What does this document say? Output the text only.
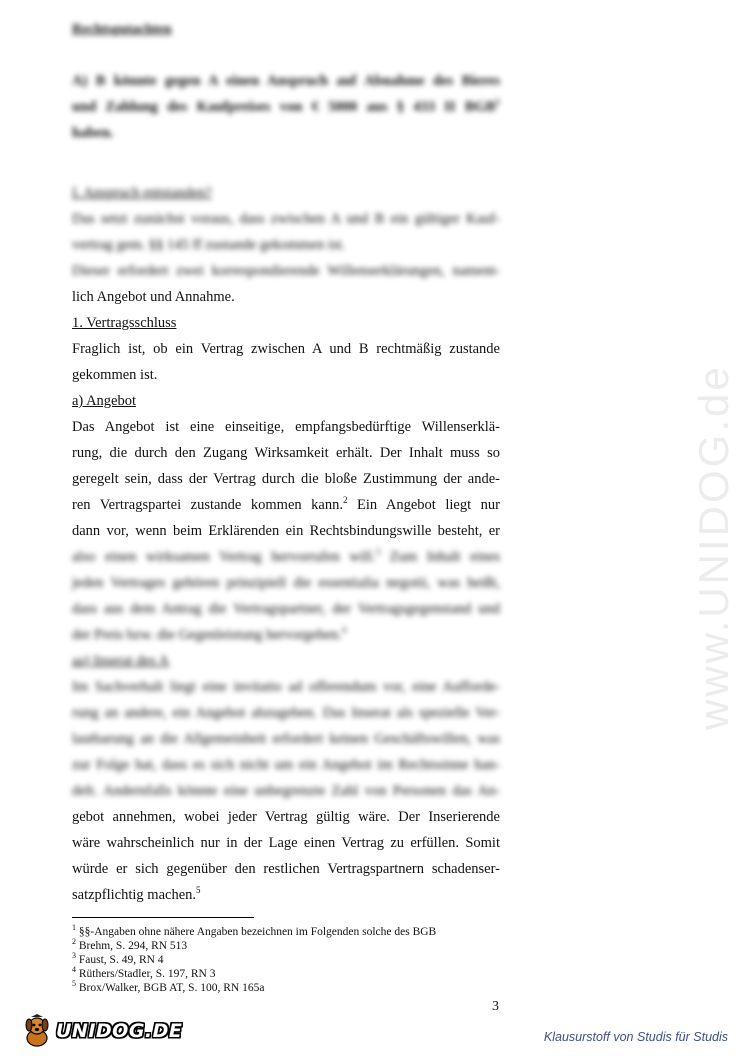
www.UNIDOG.de
Rechtsgutachten
A) B könnte gegen A einen Anspruch auf Abnahme des Bieres
und Zahlung des Kaufpreises von € 5000 aus § 433 II BGB$^1$
haben.
I. Anspruch entstanden?
Das setzt zunächst voraus, dass zwischen A und B ein gültiger Kauf-
vertrag gem. §§ 145 ff zustande gekommen ist.
Dieser erfordert zwei korrespondierende Willenserklärungen, nament-
lich Angebot und Annahme.
1. Vertragsschluss
Fraglich ist, ob ein Vertrag zwischen A und B rechtmäßig zustande
gekommen ist.
a) Angebot
Das Angebot ist eine einseitige, empfangsbedürftige Willenserklä-
rung, die durch den Zugang Wirksamkeit erhält. Der Inhalt muss so
geregelt sein, dass der Vertrag durch die bloße Zustimmung der ande-
ren Vertragspartei zustande kommen kann.$^2$ Ein Angebot liegt nur
dann vor, wenn beim Erklärenden ein Rechtsbindungswille besteht, er
also einen wirksamen Vertrag hervorrufen will.$^3$ Zum Inhalt eines
jeden Vertrages gehören prinzipiell die essentialia negotii, was heißt,
dass aus dem Antrag die Vertragspartner, der Vertragsgegenstand und
der Preis bzw. die Gegenleistung hervorgehen.$^4$
aa) Inserat des A
Im Sachverhalt liegt eine invitatio ad offerendum vor, eine Aufforde-
rung an andere, ein Angebot abzugeben. Das Inserat als spezielle Ver-
lautbarung an die Allgemeinheit erfordert keinen Geschäftswillen, was
zur Folge hat, dass es sich nicht um ein Angebot im Rechtssinne han-
delt. Andernfalls könnte eine unbegrenzte Zahl von Personen das An-
gebot annehmen, wobei jeder Vertrag gültig wäre. Der Inserierende
wäre wahrscheinlich nur in der Lage einen Vertrag zu erfüllen. Somit
würde er sich gegenüber den restlichen Vertragspartnern schadenser-
satzpflichtig machen.$^5$
$^1$ §§-Angaben ohne nähere Angaben bezeichnen im Folgenden solche des BGB
$^2$ Brehm, S. 294, RN 513
$^3$ Faust, S. 49, RN 4
$^4$ Rüthers/Stadler, S. 197, RN 3
$^5$ Brox/Walker, BGB AT, S. 100, RN 165a
3
UNIDOG.DE	Klausurstoff von Studis für Studis
